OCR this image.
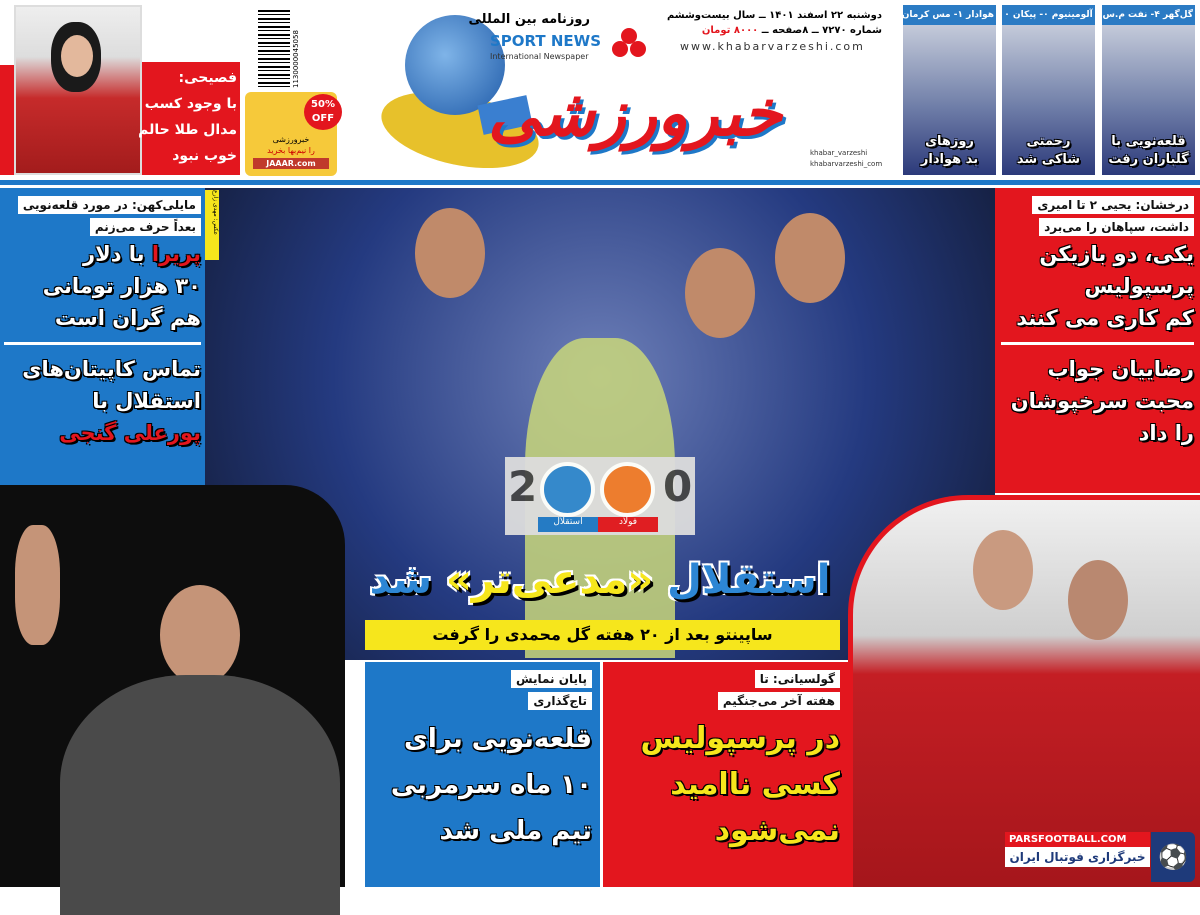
فصیحی:
با وجود کسب
مدال طلا حالم
خوب نبود
1130000045058
50% OFF
خبرورزشی
را نیم‌بها بخرید
JAAAR.com
روزنامه بین المللی
SPORT NEWS
International Newspaper
خبرورزشی
دوشنبه ۲۲ اسفند ۱۴۰۱ ــ سال بیست‌وششم
شماره ۷۲۷۰ ــ ۸صفحه ــ ۸۰۰۰ تومان
www.khabarvarzeshi.com
khabar_varzeshi
khabarvarzeshi_com
هوادار ۱- مس کرمان ۱
روزهای
بد هوادار
آلومینیوم ۰- پیکان ۰
رحمتی
شاکی شد
گل‌گهر ۴- نفت م.س ۰
قلعه‌نویی با
گلباران رفت
عکس: مهدی زارع
2	0
استقلال	فولاد
استقلال «مدعی‌تر» شد
ساپینتو بعد از ۲۰ هفته گل محمدی را گرفت
مایلی‌کهن: در مورد قلعه‌نویی
بعداً حرف می‌زنم
پریرا با دلار
۳۰ هزار تومانی
هم گران است
تماس کاپیتان‌های
استقلال با
پورعلی گنجی
درخشان: یحیی ۲ تا امیری
داشت، سپاهان را می‌برد
یکی، دو بازیکن
پرسپولیس
کم کاری می کنند
رضاییان جواب
محبت سرخپوشان
را داد
پایان نمایش
تاج‌گذاری
قلعه‌نویی برای
۱۰ ماه سرمربی
تیم ملی شد
گولسیانی: تا
هفته آخر می‌جنگیم
در پرسپولیس
کسی ناامید
نمی‌شود	PARSFOOTBALL.COM
خبرگزاری فوتبال ایران ⚽
